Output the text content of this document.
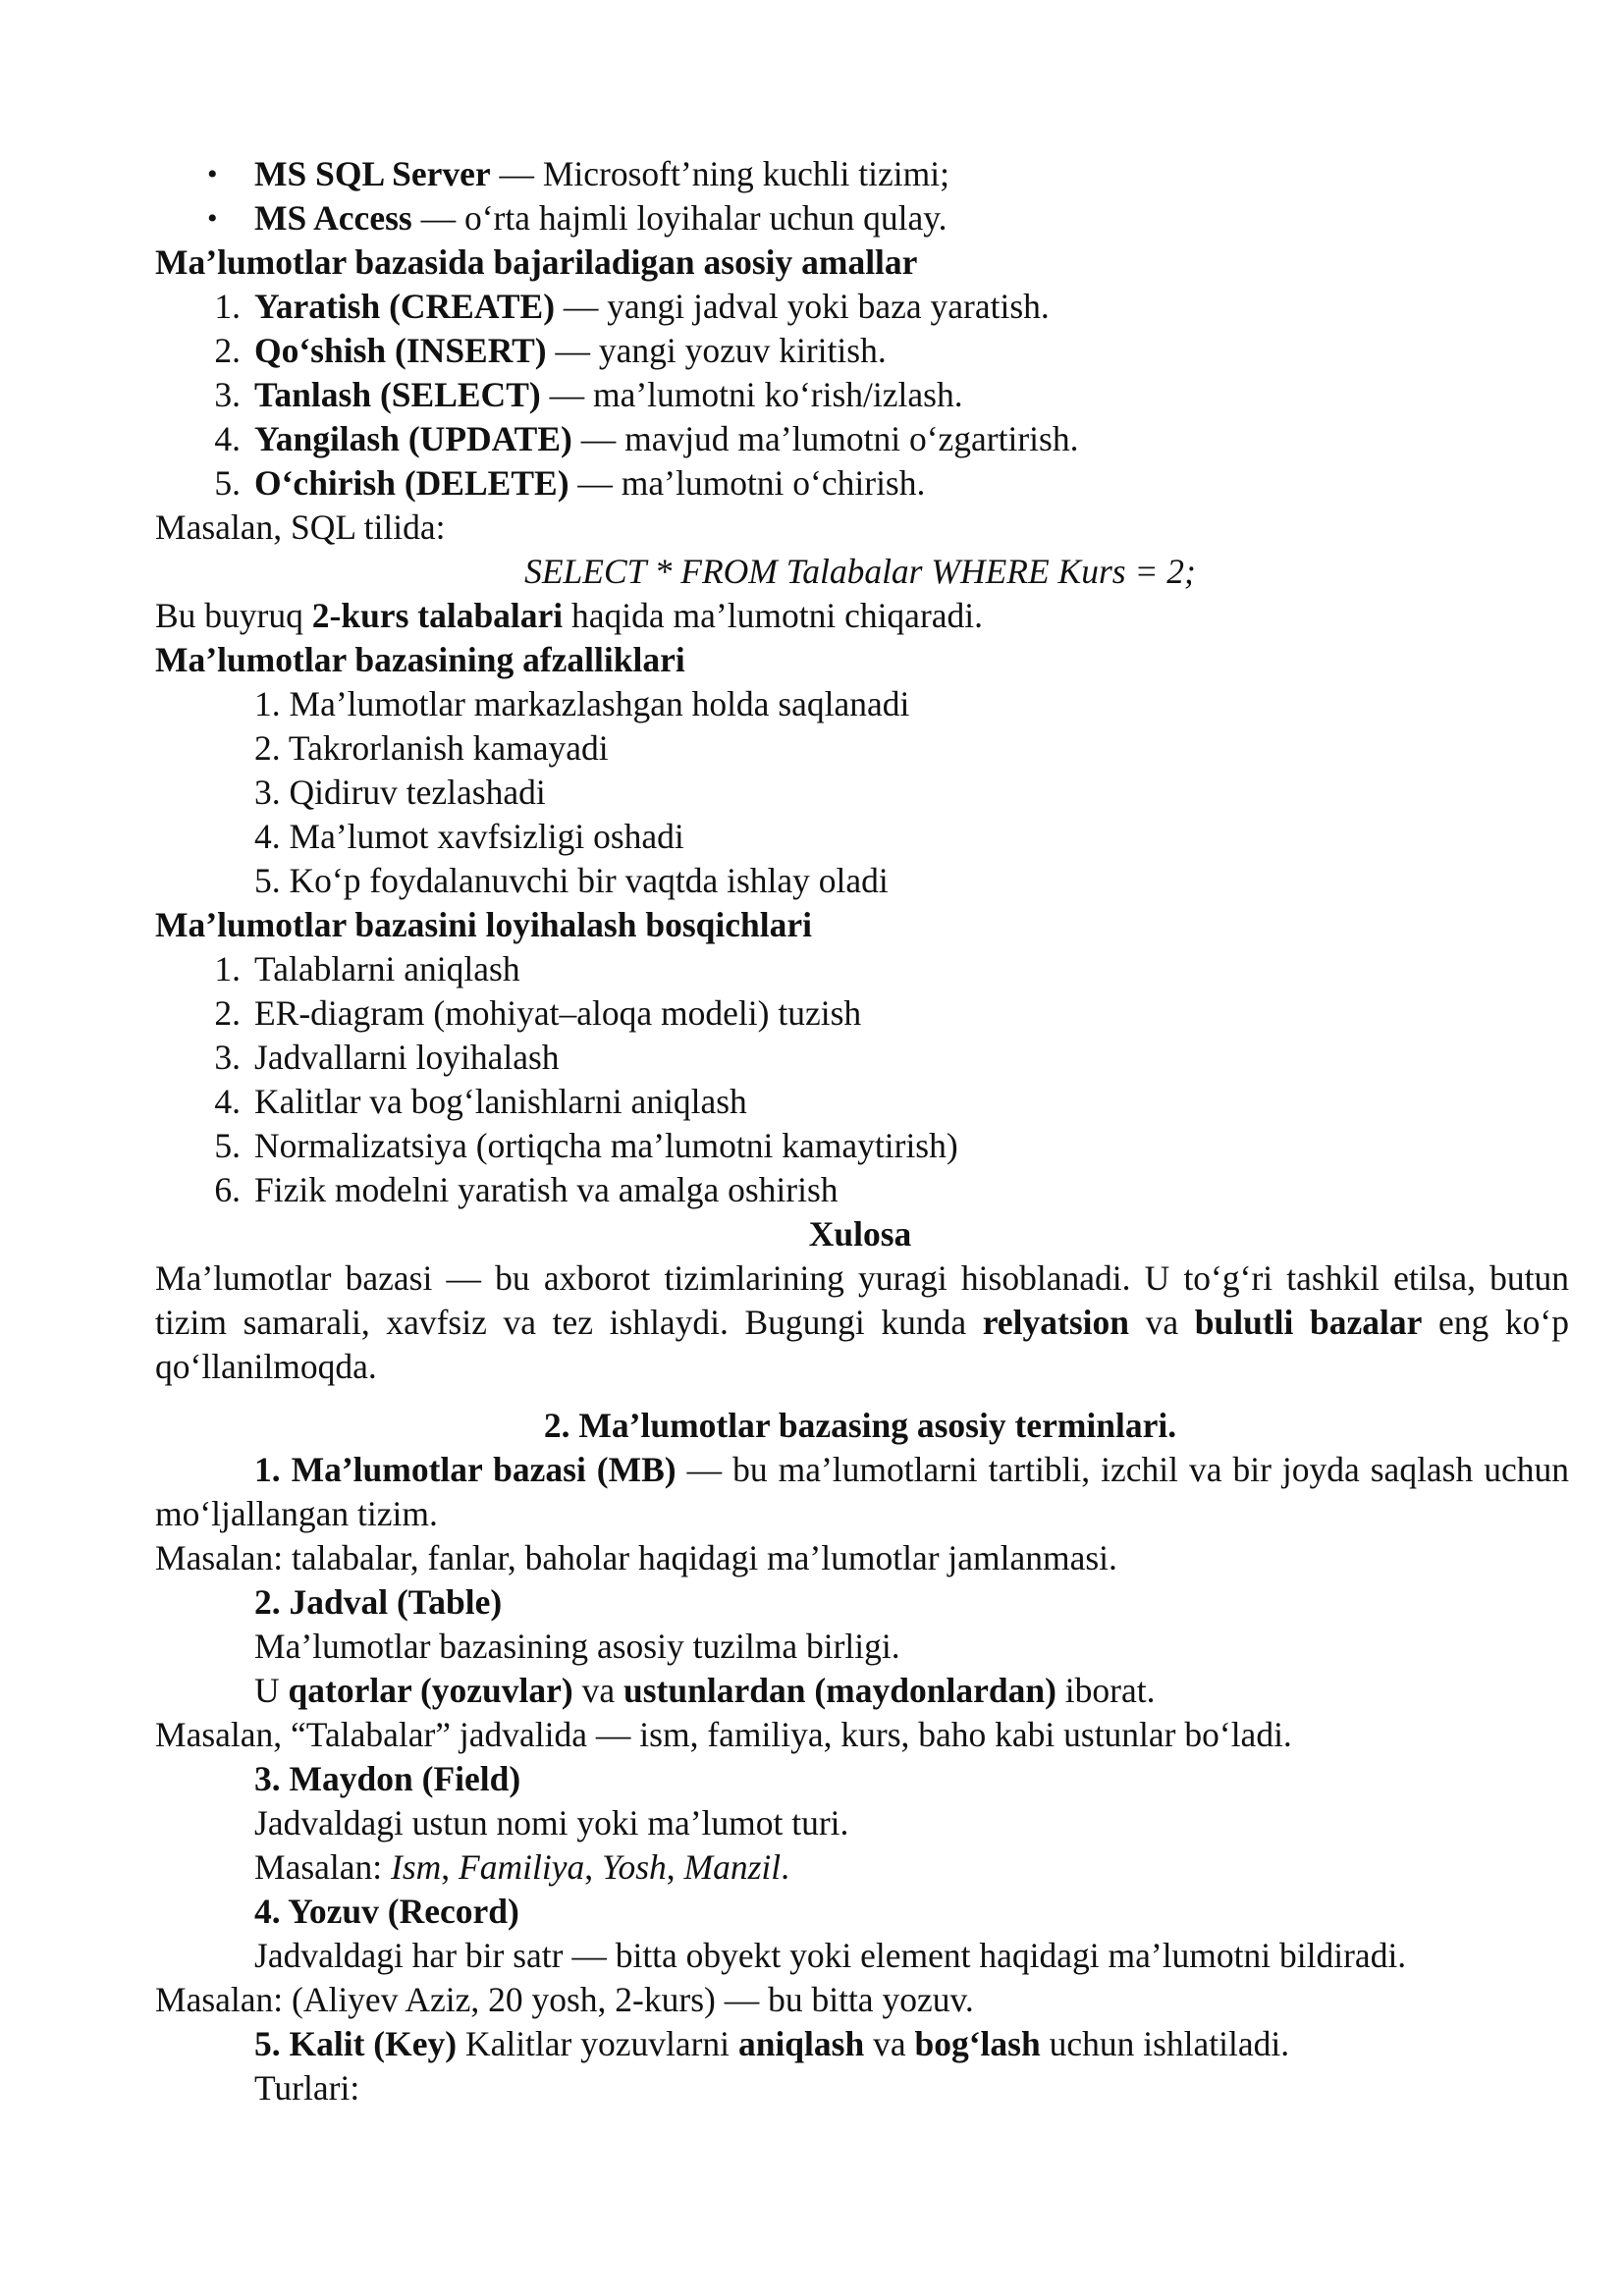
• MS SQL Server — Microsoft’ning kuchli tizimi;
• MS Access — o‘rta hajmli loyihalar uchun qulay.
Ma’lumotlar bazasida bajariladigan asosiy amallar
1. Yaratish (CREATE) — yangi jadval yoki baza yaratish.
2. Qo‘shish (INSERT) — yangi yozuv kiritish.
3. Tanlash (SELECT) — ma’lumotni ko‘rish/izlash.
4. Yangilash (UPDATE) — mavjud ma’lumotni o‘zgartirish.
5. O‘chirish (DELETE) — ma’lumotni o‘chirish.
Masalan, SQL tilida:
SELECT * FROM Talabalar WHERE Kurs = 2;
Bu buyruq 2-kurs talabalari haqida ma’lumotni chiqaradi.
Ma’lumotlar bazasining afzalliklari
1. Ma’lumotlar markazlashgan holda saqlanadi
2. Takrorlanish kamayadi
3. Qidiruv tezlashadi
4. Ma’lumot xavfsizligi oshadi
5. Ko‘p foydalanuvchi bir vaqtda ishlay oladi
Ma’lumotlar bazasini loyihalash bosqichlari
1. Talablarni aniqlash
2. ER-diagram (mohiyat–aloqa modeli) tuzish
3. Jadvallarni loyihalash
4. Kalitlar va bog‘lanishlarni aniqlash
5. Normalizatsiya (ortiqcha ma’lumotni kamaytirish)
6. Fizik modelni yaratish va amalga oshirish
Xulosa
Ma’lumotlar bazasi — bu axborot tizimlarining yuragi hisoblanadi. U to‘g‘ri tashkil etilsa, butun tizim samarali, xavfsiz va tez ishlaydi. Bugungi kunda relyatsion va bulutli bazalar eng ko‘p qo‘llanilmoqda.
2. Ma’lumotlar bazasing asosiy terminlari.
1. Ma’lumotlar bazasi (MB) — bu ma’lumotlarni tartibli, izchil va bir joyda saqlash uchun mo‘ljallangan tizim.
Masalan: talabalar, fanlar, baholar haqidagi ma’lumotlar jamlanmasi.
2. Jadval (Table)
Ma’lumotlar bazasining asosiy tuzilma birligi.
U qatorlar (yozuvlar) va ustunlardan (maydonlardan) iborat.
Masalan, “Talabalar” jadvalida — ism, familiya, kurs, baho kabi ustunlar bo‘ladi.
3. Maydon (Field)
Jadvaldagi ustun nomi yoki ma’lumot turi.
Masalan: Ism, Familiya, Yosh, Manzil.
4. Yozuv (Record)
Jadvaldagi har bir satr — bitta obyekt yoki element haqidagi ma’lumotni bildiradi.
Masalan: (Aliyev Aziz, 20 yosh, 2-kurs) — bu bitta yozuv.
5. Kalit (Key) Kalitlar yozuvlarni aniqlash va bog‘lash uchun ishlatiladi.
Turlari:
